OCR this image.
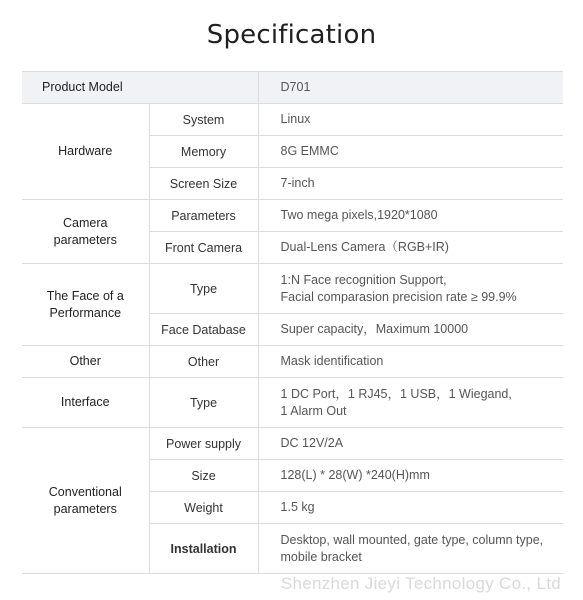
Specification
Product Model		D701
Hardware	System	Linux
	Memory	8G EMMC
	Screen Size	7-inch
Camera parameters	Parameters	Two mega pixels,1920*1080
	Front Camera	Dual-Lens Camera（RGB+IR)
The Face of a Performance	Type	1:N Face recognition Support,
Facial comparasion precision rate ≥ 99.9%

	Face Database	Super capacity，Maximum 10000
Other	Other	Mask identification
Interface	Type	1 DC Port，1 RJ45，1 USB，1 Wiegand,
1 Alarm Out

Conventional parameters	Power supply	DC 12V/2A
	Size	128(L) * 28(W) *240(H)mm
	Weight	1.5 kg
	Installation	Desktop, wall mounted, gate type, column type,
mobile bracket
Shenzhen Jieyi Technology Co., Ltd
